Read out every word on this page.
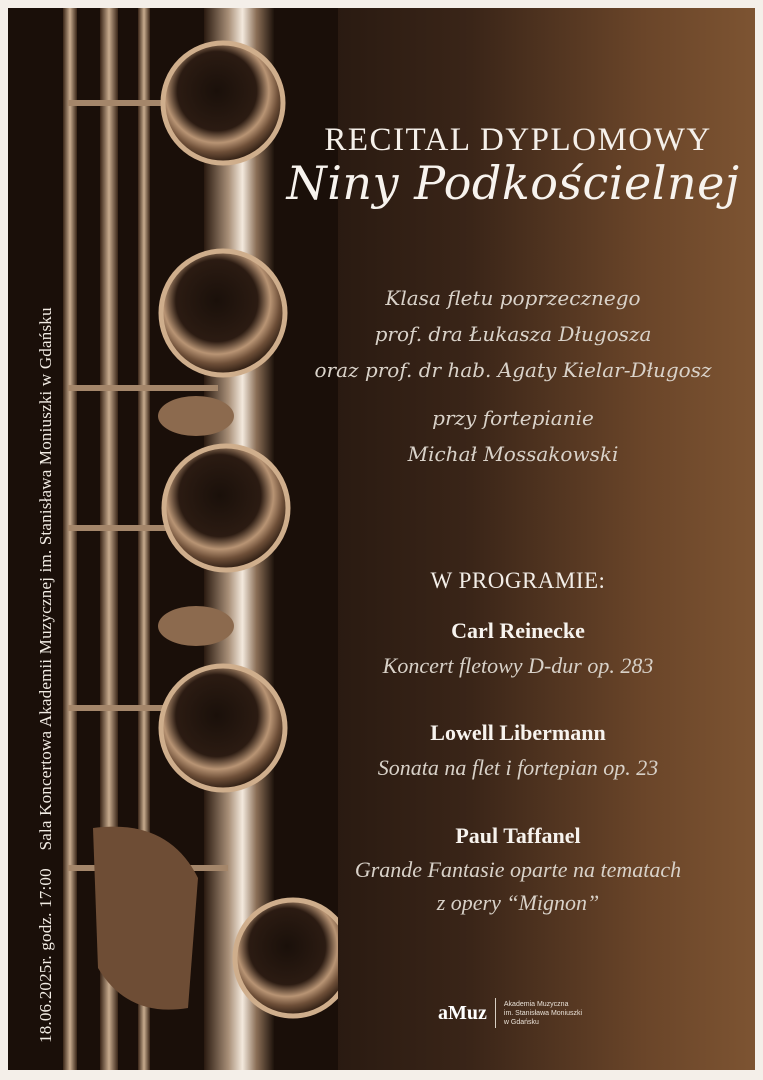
18.06.2025r. godz. 17:00    Sala Koncertowa Akademii Muzycznej im. Stanisława Moniuszki w Gdańsku
RECITAL DYPLOMOWY
Niny Podkościelnej
Klasa fletu poprzecznego
prof. dra Łukasza Długosza
oraz prof. dr hab. Agaty Kielar-Długosz
przy fortepianie
Michał Mossakowski
W PROGRAMIE:
Carl Reinecke
Koncert fletowy D-dur op. 283
Lowell Libermann
Sonata na flet i fortepian op. 23
Paul Taffanel
Grande Fantasie oparte na tematach
z opery “Mignon”
aMuz Akademia Muzyczna
im. Stanisława Moniuszki
w Gdańsku
